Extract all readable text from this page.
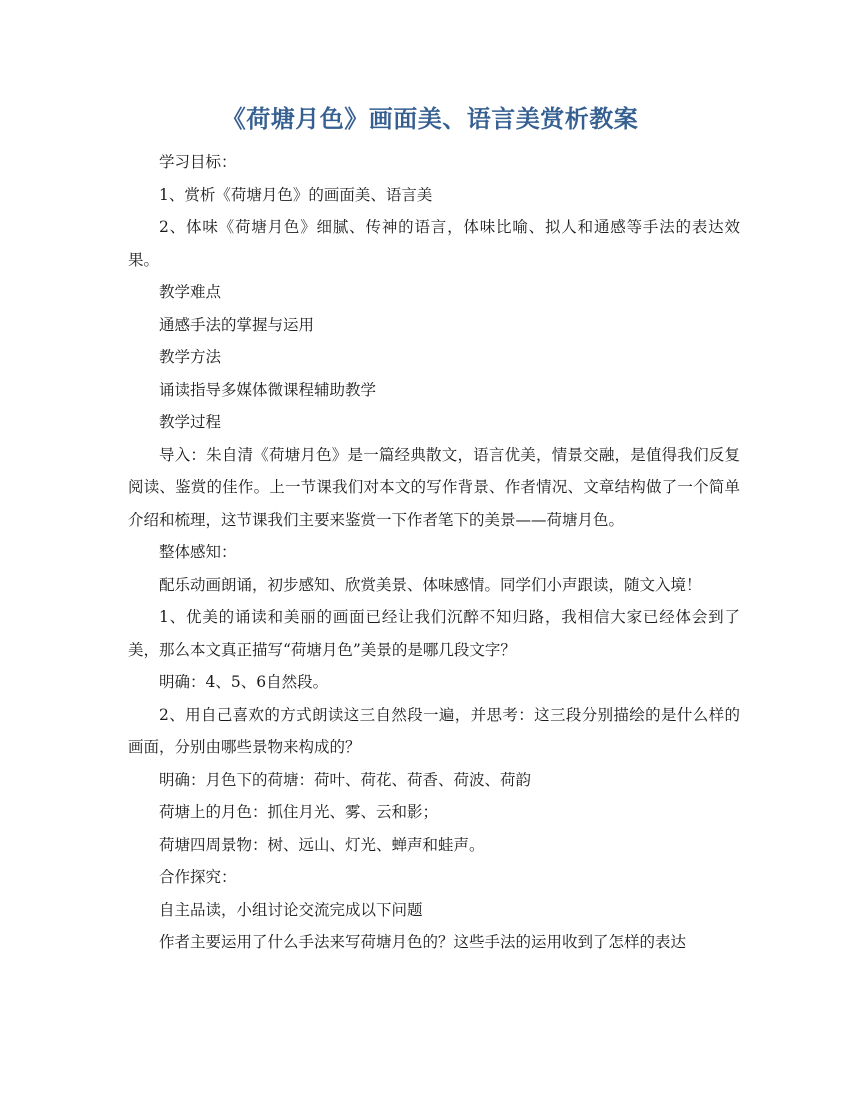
《荷塘月色》画面美、语言美赏析教案

学习目标：

1、赏析《荷塘月色》的画面美、语言美

2、体味《荷塘月色》细腻、传神的语言，体味比喻、拟人和通感等手法的表达效果。

教学难点

通感手法的掌握与运用

教学方法

诵读指导多媒体微课程辅助教学

教学过程

导入：朱自清《荷塘月色》是一篇经典散文，语言优美，情景交融，是值得我们反复阅读、鉴赏的佳作。上一节课我们对本文的写作背景、作者情况、文章结构做了一个简单介绍和梳理，这节课我们主要来鉴赏一下作者笔下的美景——荷塘月色。

整体感知：

配乐动画朗诵，初步感知、欣赏美景、体味感情。同学们小声跟读，随文入境！

1、优美的诵读和美丽的画面已经让我们沉醉不知归路，我相信大家已经体会到了美，那么本文真正描写“荷塘月色”美景的是哪几段文字？

明确：4、5、6自然段。

2、用自己喜欢的方式朗读这三自然段一遍，并思考：这三段分别描绘的是什么样的画面，分别由哪些景物来构成的？

明确：月色下的荷塘：荷叶、荷花、荷香、荷波、荷韵

荷塘上的月色：抓住月光、雾、云和影；

荷塘四周景物：树、远山、灯光、蝉声和蛙声。

合作探究：

自主品读，小组讨论交流完成以下问题

作者主要运用了什么手法来写荷塘月色的？这些手法的运用收到了怎样的表达
